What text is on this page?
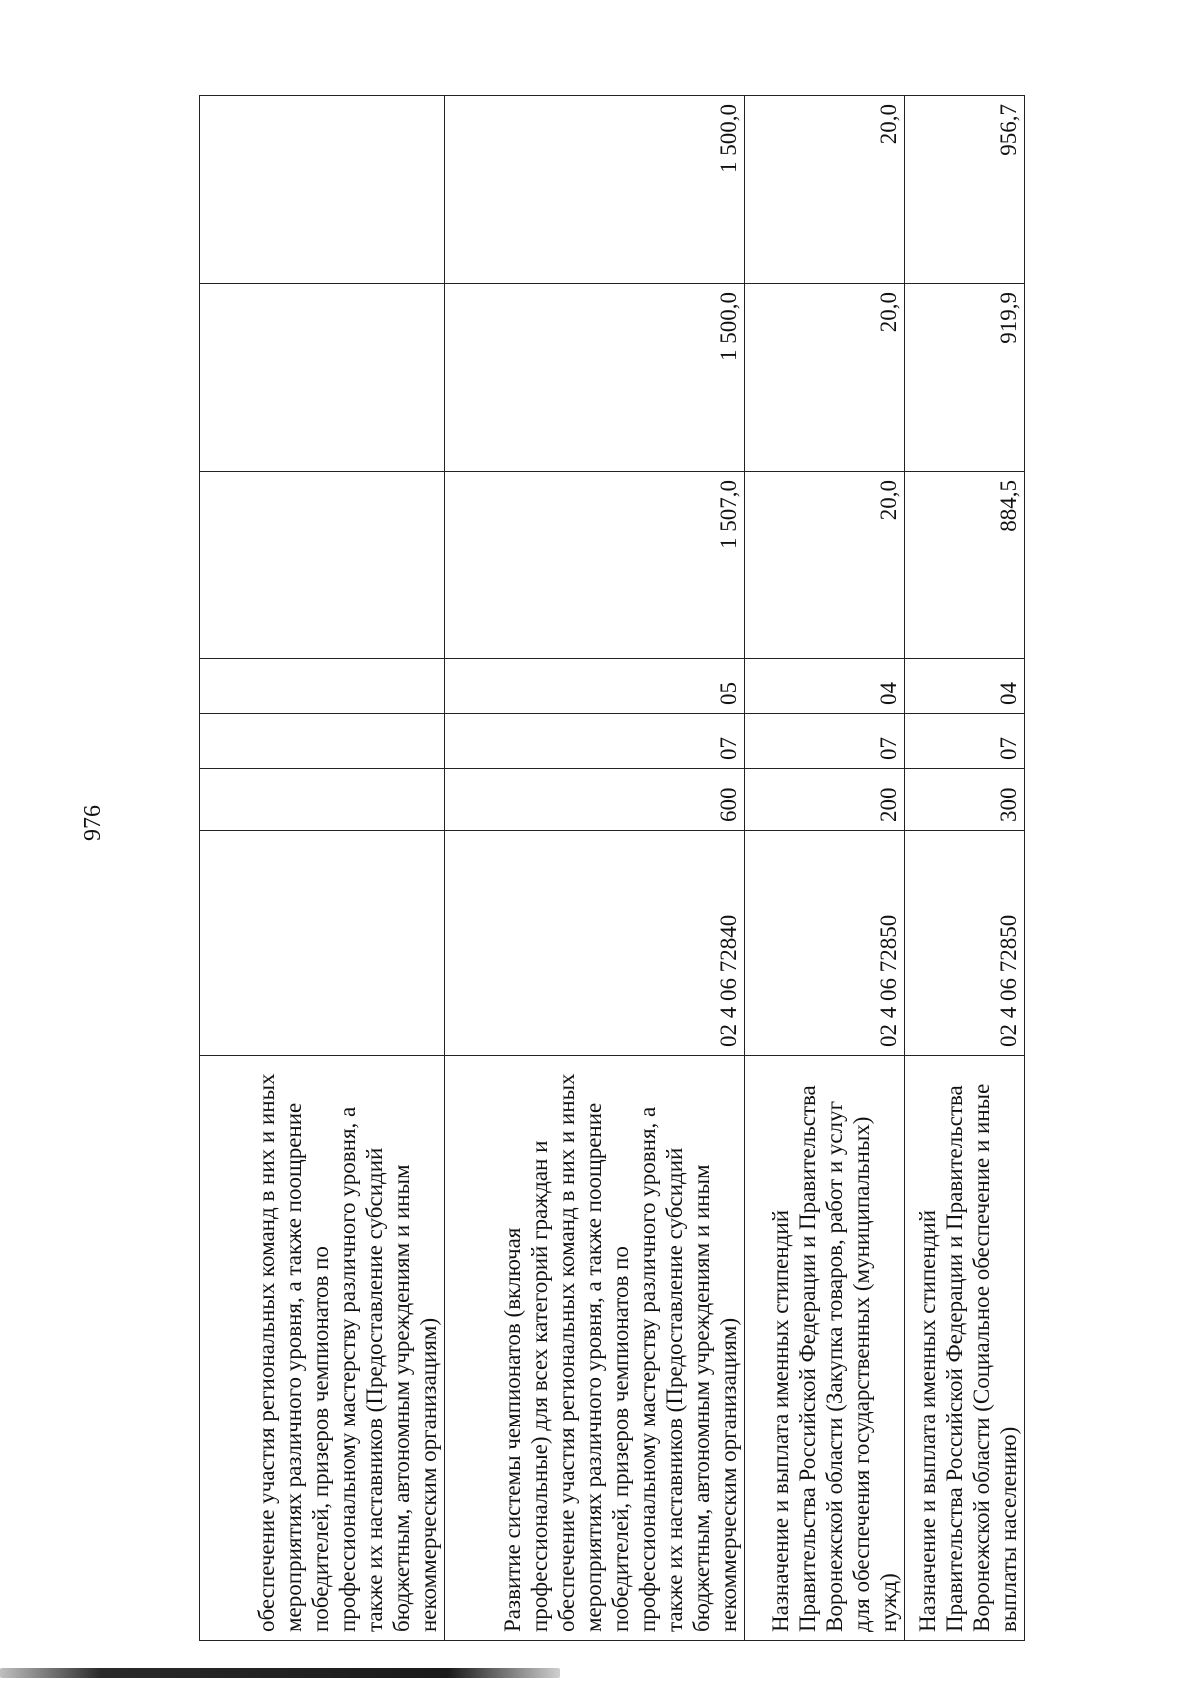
976
обеспечение участия региональных команд в них и иных мероприятиях различного уровня, а также поощрение победителей, призеров чемпионатов по профессиональному мастерству различного уровня, а также их наставников (Предоставление субсидий бюджетным, автономным учреждениям и иным некоммерческим организациям)							
Развитие системы чемпионатов (включая профессиональные) для всех категорий граждан и обеспечение участия региональных команд в них и иных мероприятиях различного уровня, а также поощрение победителей, призеров чемпионатов по профессиональному мастерству различного уровня, а также их наставников (Предоставление субсидий бюджетным, автономным учреждениям и иным некоммерческим организациям)	02 4 06 72840	600	07	05	1 507,0	1 500,0	1 500,0
Назначение и выплата именных стипендий Правительства Российской Федерации и Правительства Воронежской области (Закупка товаров, работ и услуг для обеспечения государственных (муниципальных) нужд)	02 4 06 72850	200	07	04	20,0	20,0	20,0
Назначение и выплата именных стипендий Правительства Российской Федерации и Правительства Воронежской области (Социальное обеспечение и иные выплаты населению)	02 4 06 72850	300	07	04	884,5	919,9	956,7
